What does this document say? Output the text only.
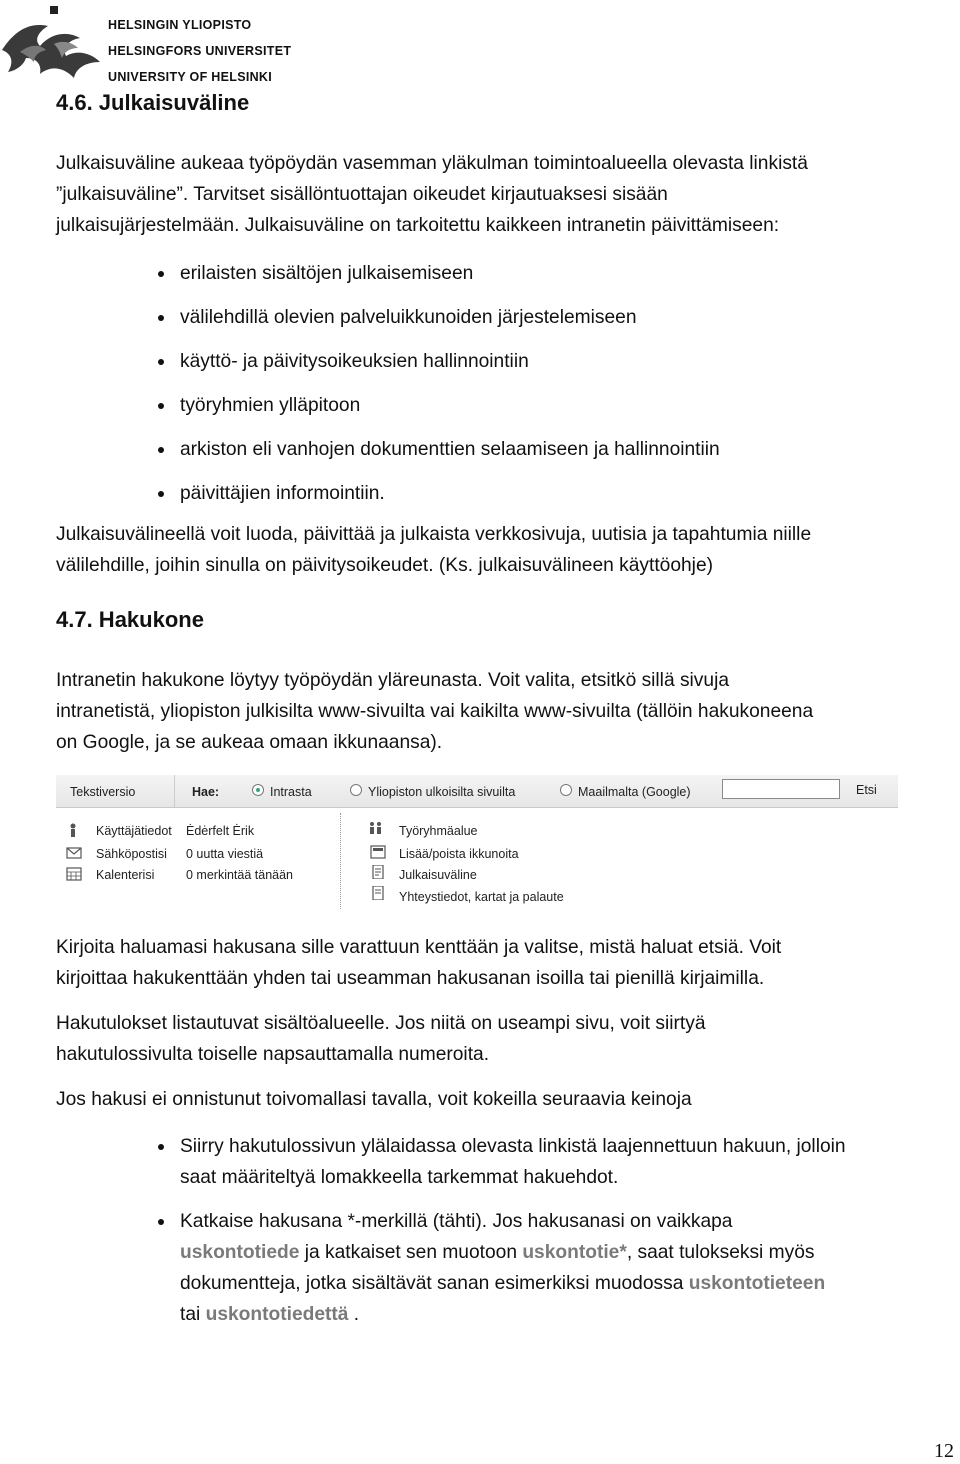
HELSINGIN YLIOPISTO
HELSINGFORS UNIVERSITET
UNIVERSITY OF HELSINKI
4.6. Julkaisuväline

Julkaisuväline aukeaa työpöydän vasemman yläkulman toimintoalueella olevasta linkistä

”julkaisuväline”. Tarvitset sisällöntuottajan oikeudet kirjautuaksesi sisään

julkaisujärjestelmään. Julkaisuväline on tarkoitettu kaikkeen intranetin päivittämiseen:

erilaisten sisältöjen julkaisemiseen
välilehdillä olevien palveluikkunoiden järjestelemiseen
käyttö- ja päivitysoikeuksien hallinnointiin
työryhmien ylläpitoon
arkiston eli vanhojen dokumenttien selaamiseen ja hallinnointiin
päivittäjien informointiin.

Julkaisuvälineellä voit luoda, päivittää ja julkaista verkkosivuja, uutisia ja tapahtumia niille

välilehdille, joihin sinulla on päivitysoikeudet. (Ks. julkaisuvälineen käyttöohje)

4.7. Hakukone

Intranetin hakukone löytyy työpöydän yläreunasta. Voit valita, etsitkö sillä sivuja

intranetistä, yliopiston julkisilta www-sivuilta vai kaikilta www-sivuilta (tällöin hakukoneena

on Google, ja se aukeaa omaan ikkunaansa).

Tekstiversio	Hae:	Intrasta	Yliopiston ulkoisilta sivuilta	Maailmalta (Google)	Etsi
Käyttäjätiedot Ėdėrfelt Ėrik
Sähköpostisi 0 uutta viestiä
Kalenterisi	0 merkintää tänään
Työryhmäalue
Lisää/poista ikkunoita
Julkaisuväline
Yhteystiedot, kartat ja palaute

Kirjoita haluamasi hakusana sille varattuun kenttään ja valitse, mistä haluat etsiä. Voit

kirjoittaa hakukenttään yhden tai useamman hakusanan isoilla tai pienillä kirjaimilla.

Hakutulokset listautuvat sisältöalueelle. Jos niitä on useampi sivu, voit siirtyä

hakutulossivulta toiselle napsauttamalla numeroita.

Jos hakusi ei onnistunut toivomallasi tavalla, voit kokeilla seuraavia keinoja

Siirry hakutulossivun ylälaidassa olevasta linkistä laajennettuun hakuun, jolloin
saat määriteltyä lomakkeella tarkemmat hakuehdot.
Katkaise hakusana *-merkillä (tähti). Jos hakusanasi on vaikkapa
uskontotiede ja katkaiset sen muotoon uskontotie*, saat tulokseksi myös
dokumentteja, jotka sisältävät sanan esimerkiksi muodossa uskontotieteen
tai uskontotiedettä .
12
